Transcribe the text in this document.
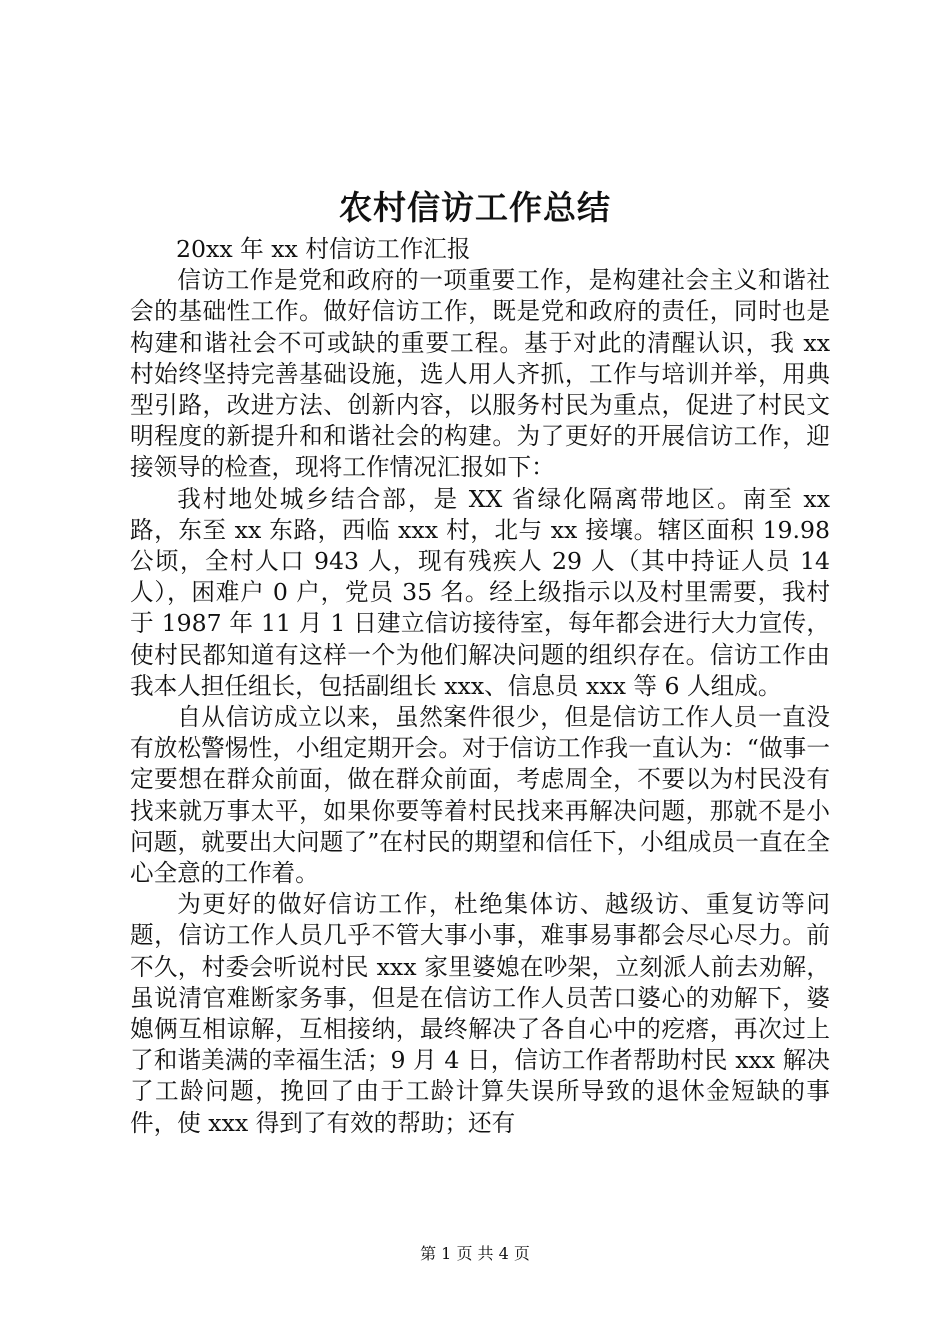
农村信访工作总结

20xx 年 xx 村信访工作汇报

信访工作是党和政府的一项重要工作，是构建社会主义和谐社会的基础性工作。做好信访工作，既是党和政府的责任，同时也是构建和谐社会不可或缺的重要工程。基于对此的清醒认识，我 xx 村始终坚持完善基础设施，选人用人齐抓，工作与培训并举，用典型引路，改进方法、创新内容，以服务村民为重点，促进了村民文明程度的新提升和和谐社会的构建。为了更好的开展信访工作，迎接领导的检查，现将工作情况汇报如下：

我村地处城乡结合部，是 XX 省绿化隔离带地区。南至 xx 路，东至 xx 东路，西临 xxx 村，北与 xx 接壤。辖区面积 19.98 公顷，全村人口 943 人，现有残疾人 29 人（其中持证人员 14 人），困难户 0 户，党员 35 名。经上级指示以及村里需要，我村于 1987 年 11 月 1 日建立信访接待室，每年都会进行大力宣传，使村民都知道有这样一个为他们解决问题的组织存在。信访工作由我本人担任组长，包括副组长 xxx、信息员 xxx 等 6 人组成。

自从信访成立以来，虽然案件很少，但是信访工作人员一直没有放松警惕性，小组定期开会。对于信访工作我一直认为：“做事一定要想在群众前面，做在群众前面，考虑周全，不要以为村民没有找来就万事太平，如果你要等着村民找来再解决问题，那就不是小问题，就要出大问题了”在村民的期望和信任下，小组成员一直在全心全意的工作着。

为更好的做好信访工作，杜绝集体访、越级访、重复访等问题，信访工作人员几乎不管大事小事，难事易事都会尽心尽力。前不久，村委会听说村民 xxx 家里婆媳在吵架，立刻派人前去劝解，虽说清官难断家务事，但是在信访工作人员苦口婆心的劝解下，婆媳俩互相谅解，互相接纳，最终解决了各自心中的疙瘩，再次过上了和谐美满的幸福生活；9 月 4 日，信访工作者帮助村民 xxx 解决了工龄问题，挽回了由于工龄计算失误所导致的退休金短缺的事件，使 xxx 得到了有效的帮助；还有

第 1 页 共 4 页
